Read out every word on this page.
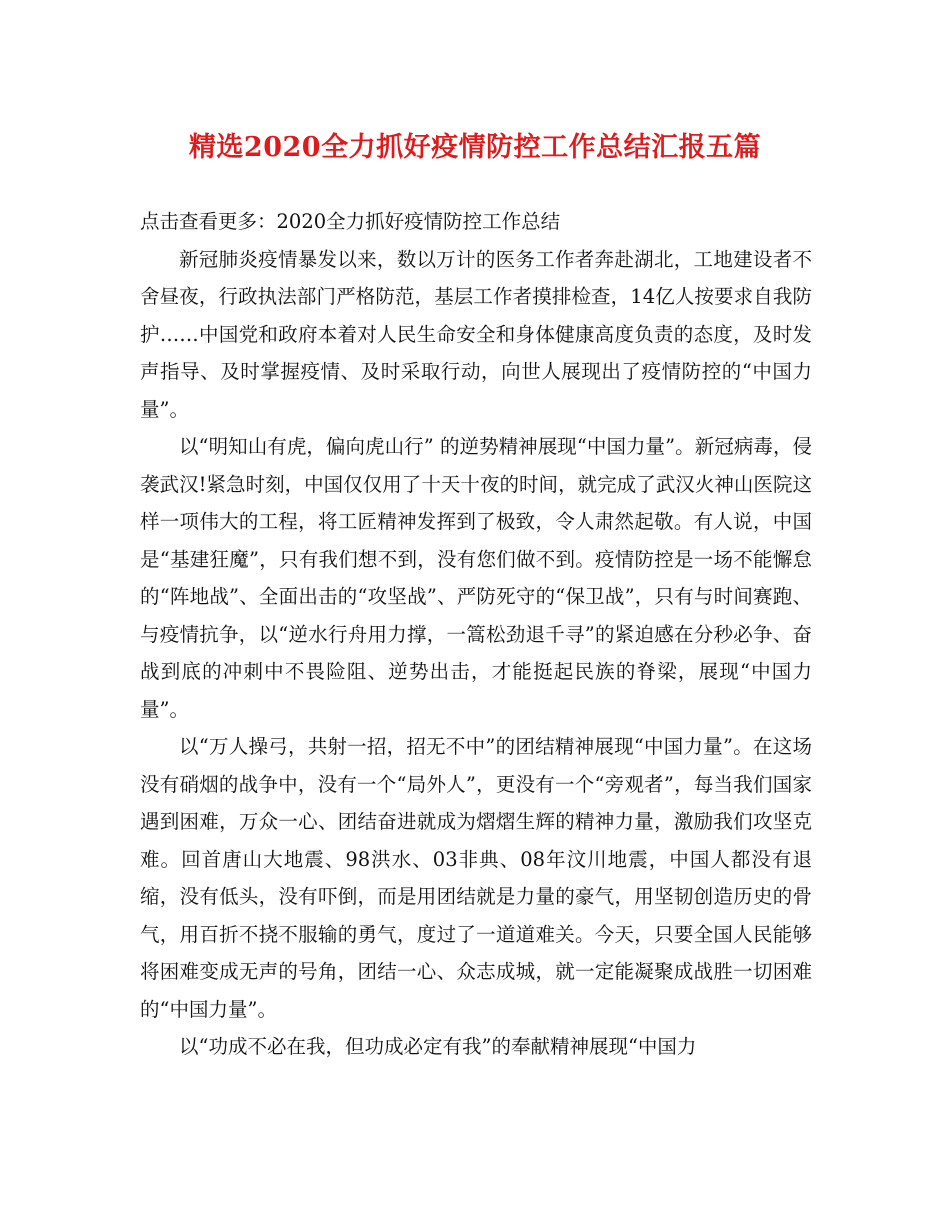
精选2020全力抓好疫情防控工作总结汇报五篇

点击查看更多：2020全力抓好疫情防控工作总结

新冠肺炎疫情暴发以来，数以万计的医务工作者奔赴湖北，工地建设者不舍昼夜，行政执法部门严格防范，基层工作者摸排检查，14亿人按要求自我防护……中国党和政府本着对人民生命安全和身体健康高度负责的态度，及时发声指导、及时掌握疫情、及时采取行动，向世人展现出了疫情防控的“中国力量”。

以“明知山有虎，偏向虎山行” 的逆势精神展现“中国力量”。新冠病毒，侵袭武汉!紧急时刻，中国仅仅用了十天十夜的时间，就完成了武汉火神山医院这样一项伟大的工程，将工匠精神发挥到了极致，令人肃然起敬。有人说，中国是“基建狂魔”，只有我们想不到，没有您们做不到。疫情防控是一场不能懈怠的“阵地战”、全面出击的“攻坚战”、严防死守的“保卫战”，只有与时间赛跑、与疫情抗争，以“逆水行舟用力撑，一篙松劲退千寻”的紧迫感在分秒必争、奋战到底的冲刺中不畏险阻、逆势出击，才能挺起民族的脊梁，展现“中国力量”。

以“万人操弓，共射一招，招无不中”的团结精神展现“中国力量”。在这场没有硝烟的战争中，没有一个“局外人”，更没有一个“旁观者”，每当我们国家遇到困难，万众一心、团结奋进就成为熠熠生辉的精神力量，激励我们攻坚克难。回首唐山大地震、98洪水、03非典、08年汶川地震，中国人都没有退缩，没有低头，没有吓倒，而是用团结就是力量的豪气，用坚韧创造历史的骨气，用百折不挠不服输的勇气，度过了一道道难关。今天，只要全国人民能够将困难变成无声的号角，团结一心、众志成城，就一定能凝聚成战胜一切困难的“中国力量”。

以“功成不必在我，但功成必定有我”的奉献精神展现“中国力
